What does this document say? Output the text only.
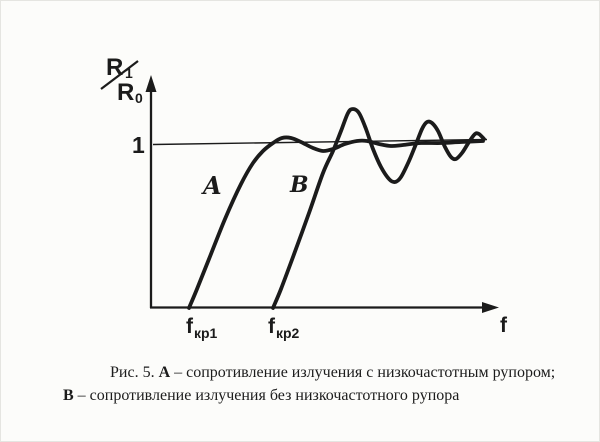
R 1
R 0
1
A	B
f кр1 f кр2	f
Рис. 5. А – сопротивление излучения с низкочастотным рупором;
В – сопротивление излучения без низкочастотного рупора
